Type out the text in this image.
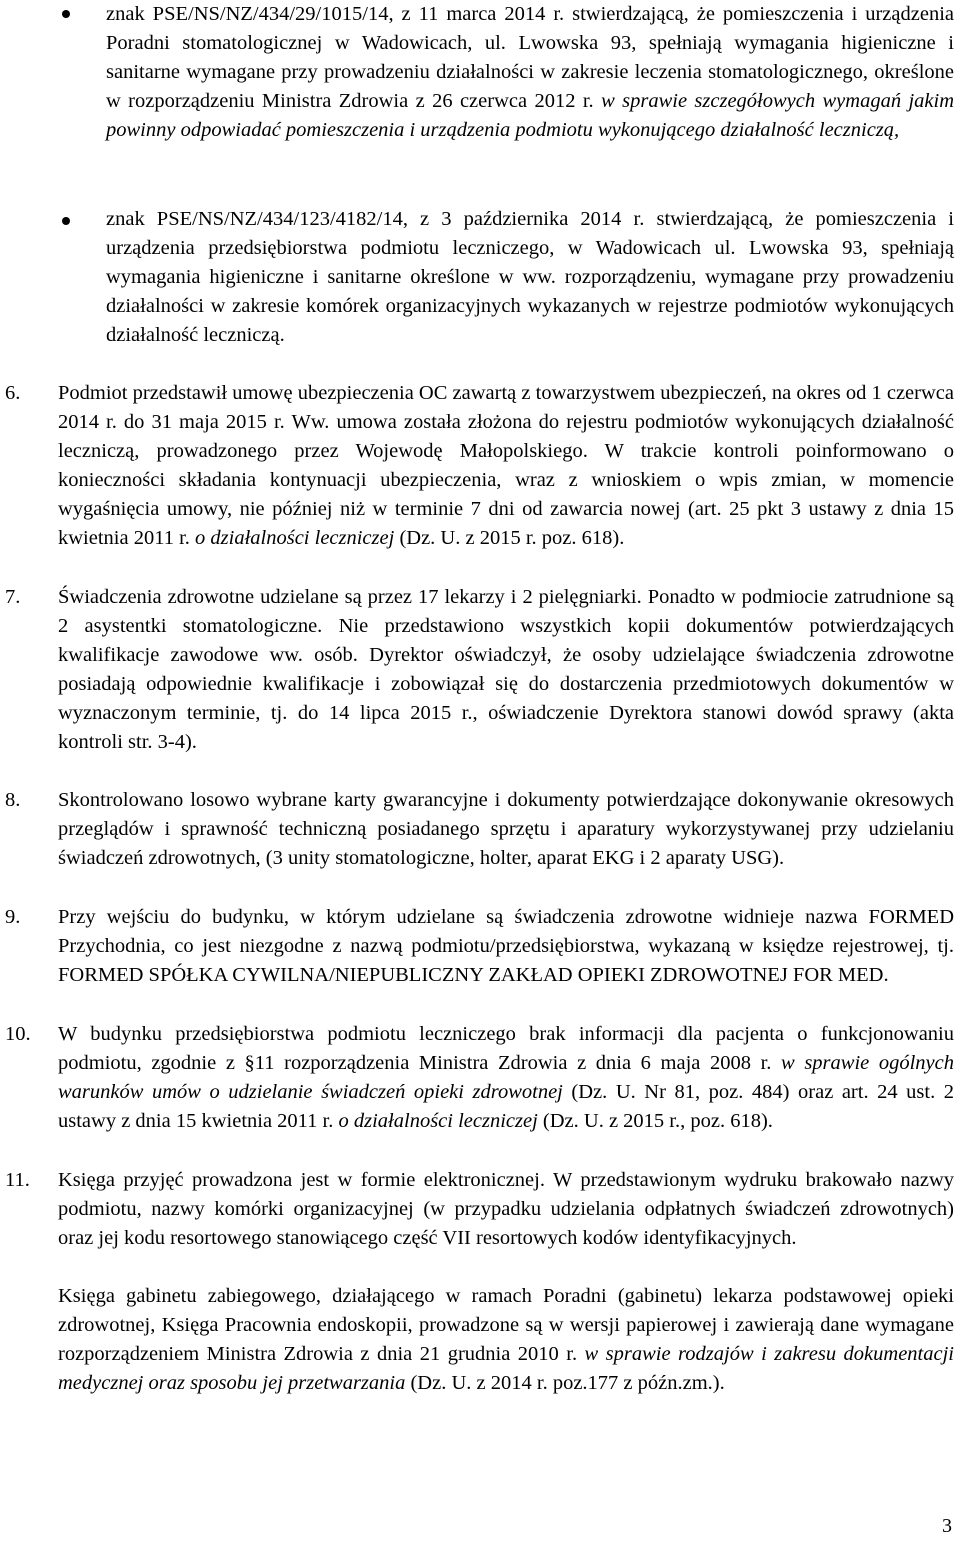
znak PSE/NS/NZ/434/29/1015/14, z 11 marca 2014 r. stwierdzającą, że pomieszczenia i urządzenia Poradni stomatologicznej w Wadowicach, ul. Lwowska 93, spełniają wymagania higieniczne i sanitarne wymagane przy prowadzeniu działalności w zakresie leczenia stomatologicznego, określone w rozporządzeniu Ministra Zdrowia z 26 czerwca 2012 r. w sprawie szczegółowych wymagań jakim powinny odpowiadać pomieszczenia i urządzenia podmiotu wykonującego działalność leczniczą,
znak PSE/NS/NZ/434/123/4182/14, z 3 października 2014 r. stwierdzającą, że pomieszczenia i urządzenia przedsiębiorstwa podmiotu leczniczego, w Wadowicach ul. Lwowska 93, spełniają wymagania higieniczne i sanitarne określone w ww. rozporządzeniu, wymagane przy prowadzeniu działalności w zakresie komórek organizacyjnych wykazanych w rejestrze podmiotów wykonujących działalność leczniczą.
6.	Podmiot przedstawił umowę ubezpieczenia OC zawartą z towarzystwem ubezpieczeń, na okres od 1 czerwca 2014 r. do 31 maja 2015 r. Ww. umowa została złożona do rejestru podmiotów wykonujących działalność leczniczą, prowadzonego przez Wojewodę Małopolskiego. W trakcie kontroli poinformowano o konieczności składania kontynuacji ubezpieczenia, wraz z wnioskiem o wpis zmian, w momencie wygaśnięcia umowy, nie później niż w terminie 7 dni od zawarcia nowej (art. 25 pkt 3 ustawy z dnia 15 kwietnia 2011 r. o działalności leczniczej (Dz. U. z 2015 r. poz. 618).
7.	Świadczenia zdrowotne udzielane są przez 17 lekarzy i 2 pielęgniarki. Ponadto w podmiocie zatrudnione są 2 asystentki stomatologiczne. Nie przedstawiono wszystkich kopii dokumentów potwierdzających kwalifikacje zawodowe ww. osób. Dyrektor oświadczył, że osoby udzielające świadczenia zdrowotne posiadają odpowiednie kwalifikacje i zobowiązał się do dostarczenia przedmiotowych dokumentów w wyznaczonym terminie, tj. do 14 lipca 2015 r., oświadczenie Dyrektora stanowi dowód sprawy (akta kontroli str. 3-4).
8.	Skontrolowano losowo wybrane karty gwarancyjne i dokumenty potwierdzające dokonywanie okresowych przeglądów i sprawność techniczną posiadanego sprzętu i aparatury wykorzystywanej przy udzielaniu świadczeń zdrowotnych, (3 unity stomatologiczne, holter, aparat EKG i 2 aparaty USG).
9.	Przy wejściu do budynku, w którym udzielane są świadczenia zdrowotne widnieje nazwa FORMED Przychodnia, co jest niezgodne z nazwą podmiotu/przedsiębiorstwa, wykazaną w księdze rejestrowej, tj. FORMED SPÓŁKA CYWILNA/NIEPUBLICZNY ZAKŁAD OPIEKI ZDROWOTNEJ FOR MED.
10.	W budynku przedsiębiorstwa podmiotu leczniczego brak informacji dla pacjenta o funkcjonowaniu podmiotu, zgodnie z §11 rozporządzenia Ministra Zdrowia z dnia 6 maja 2008 r. w sprawie ogólnych warunków umów o udzielanie świadczeń opieki zdrowotnej (Dz. U. Nr 81, poz. 484) oraz art. 24 ust. 2 ustawy z dnia 15 kwietnia 2011 r. o działalności leczniczej (Dz. U. z 2015 r., poz. 618).
11.	Księga przyjęć prowadzona jest w formie elektronicznej. W przedstawionym wydruku brakowało nazwy podmiotu, nazwy komórki organizacyjnej (w przypadku udzielania odpłatnych świadczeń zdrowotnych) oraz jej kodu resortowego stanowiącego część VII resortowych kodów identyfikacyjnych.
Księga gabinetu zabiegowego, działającego w ramach Poradni (gabinetu) lekarza podstawowej opieki zdrowotnej, Księga Pracownia endoskopii, prowadzone są w wersji papierowej i zawierają dane wymagane rozporządzeniem Ministra Zdrowia z dnia 21 grudnia 2010 r. w sprawie rodzajów i zakresu dokumentacji medycznej oraz sposobu jej przetwarzania (Dz. U. z 2014 r. poz.177 z późn.zm.).
3
